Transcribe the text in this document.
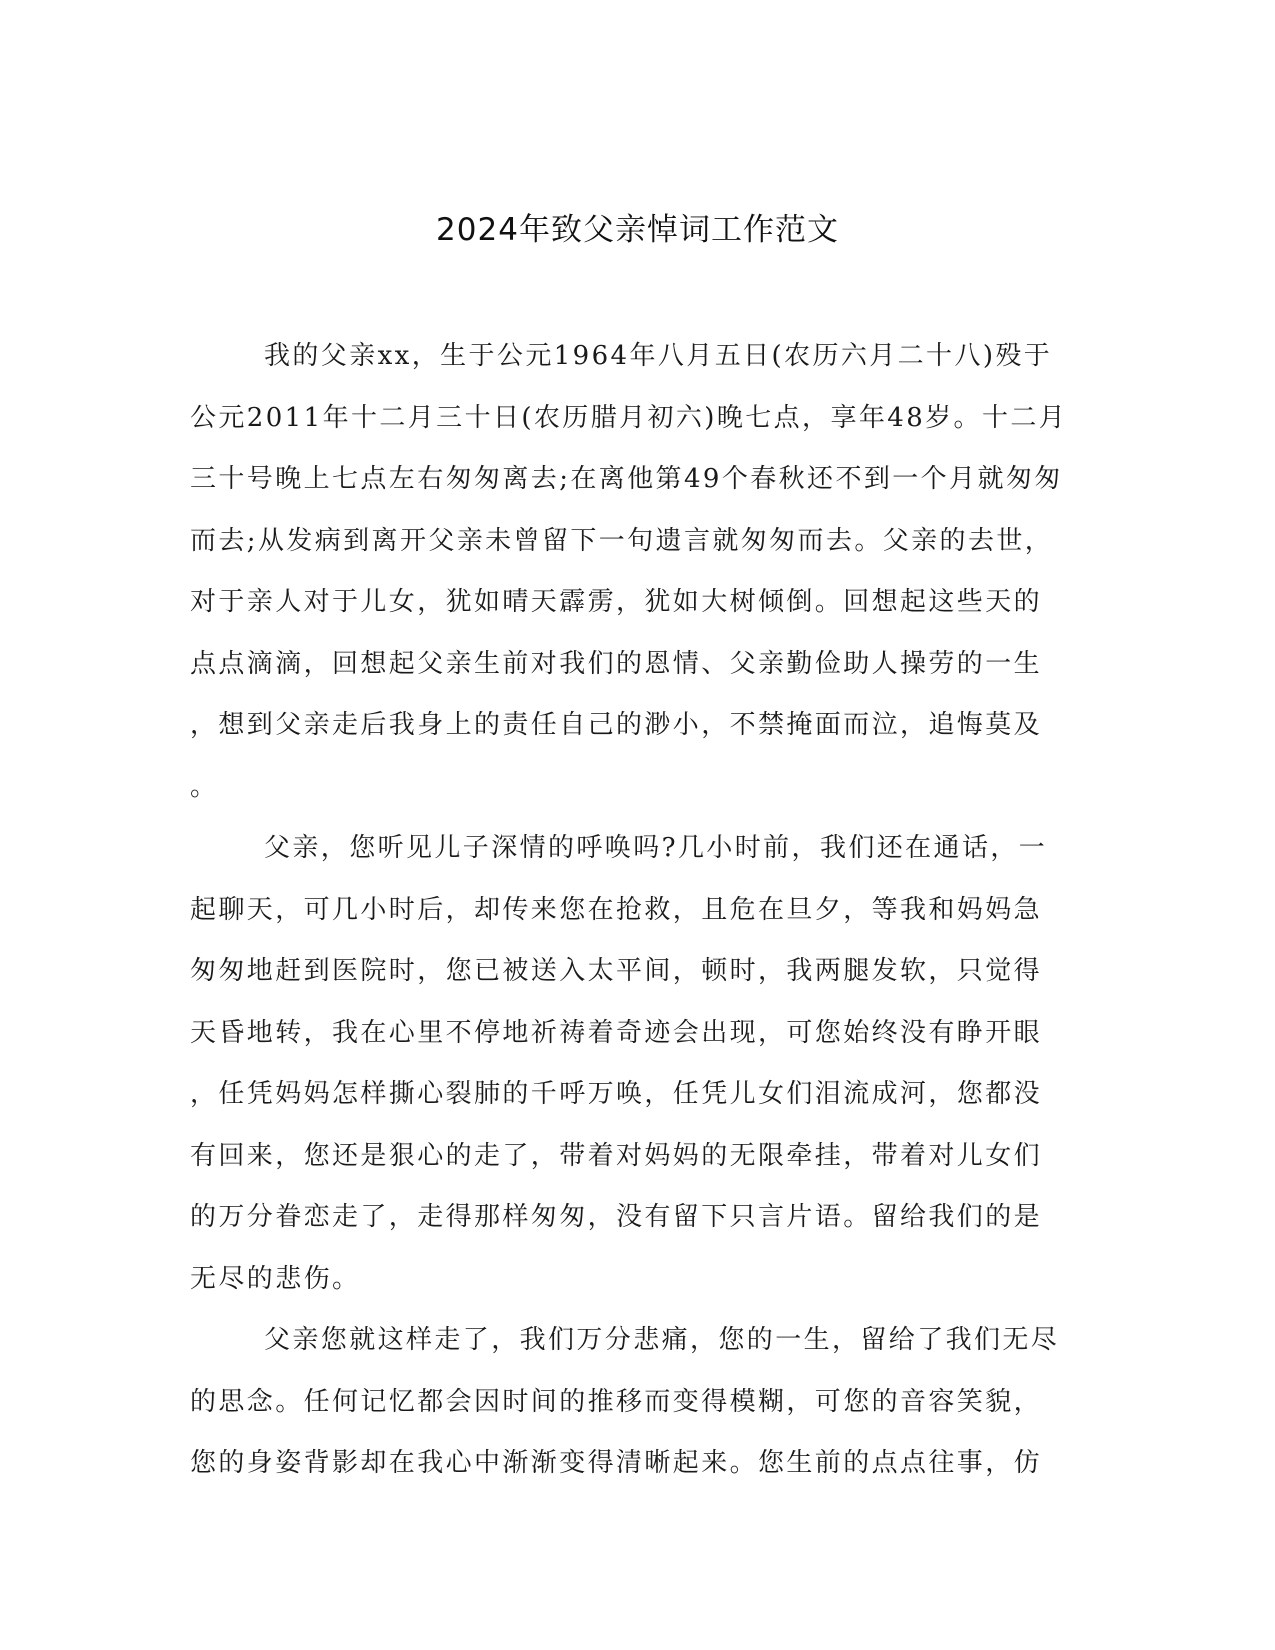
2024年致父亲悼词工作范文
我的父亲xx，生于公元1964年八月五日(农历六月二十八)殁于
公元2011年十二月三十日(农历腊月初六)晚七点，享年48岁。十二月
三十号晚上七点左右匆匆离去;在离他第49个春秋还不到一个月就匆匆
而去;从发病到离开父亲未曾留下一句遗言就匆匆而去。父亲的去世，
对于亲人对于儿女，犹如晴天霹雳，犹如大树倾倒。回想起这些天的
点点滴滴，回想起父亲生前对我们的恩情、父亲勤俭助人操劳的一生
，想到父亲走后我身上的责任自己的渺小，不禁掩面而泣，追悔莫及
。
父亲，您听见儿子深情的呼唤吗?几小时前，我们还在通话，一
起聊天，可几小时后，却传来您在抢救，且危在旦夕，等我和妈妈急
匆匆地赶到医院时，您已被送入太平间，顿时，我两腿发软，只觉得
天昏地转，我在心里不停地祈祷着奇迹会出现，可您始终没有睁开眼
，任凭妈妈怎样撕心裂肺的千呼万唤，任凭儿女们泪流成河，您都没
有回来，您还是狠心的走了，带着对妈妈的无限牵挂，带着对儿女们
的万分眷恋走了，走得那样匆匆，没有留下只言片语。留给我们的是
无尽的悲伤。
父亲您就这样走了，我们万分悲痛，您的一生，留给了我们无尽
的思念。任何记忆都会因时间的推移而变得模糊，可您的音容笑貌，
您的身姿背影却在我心中渐渐变得清晰起来。您生前的点点往事，仿
